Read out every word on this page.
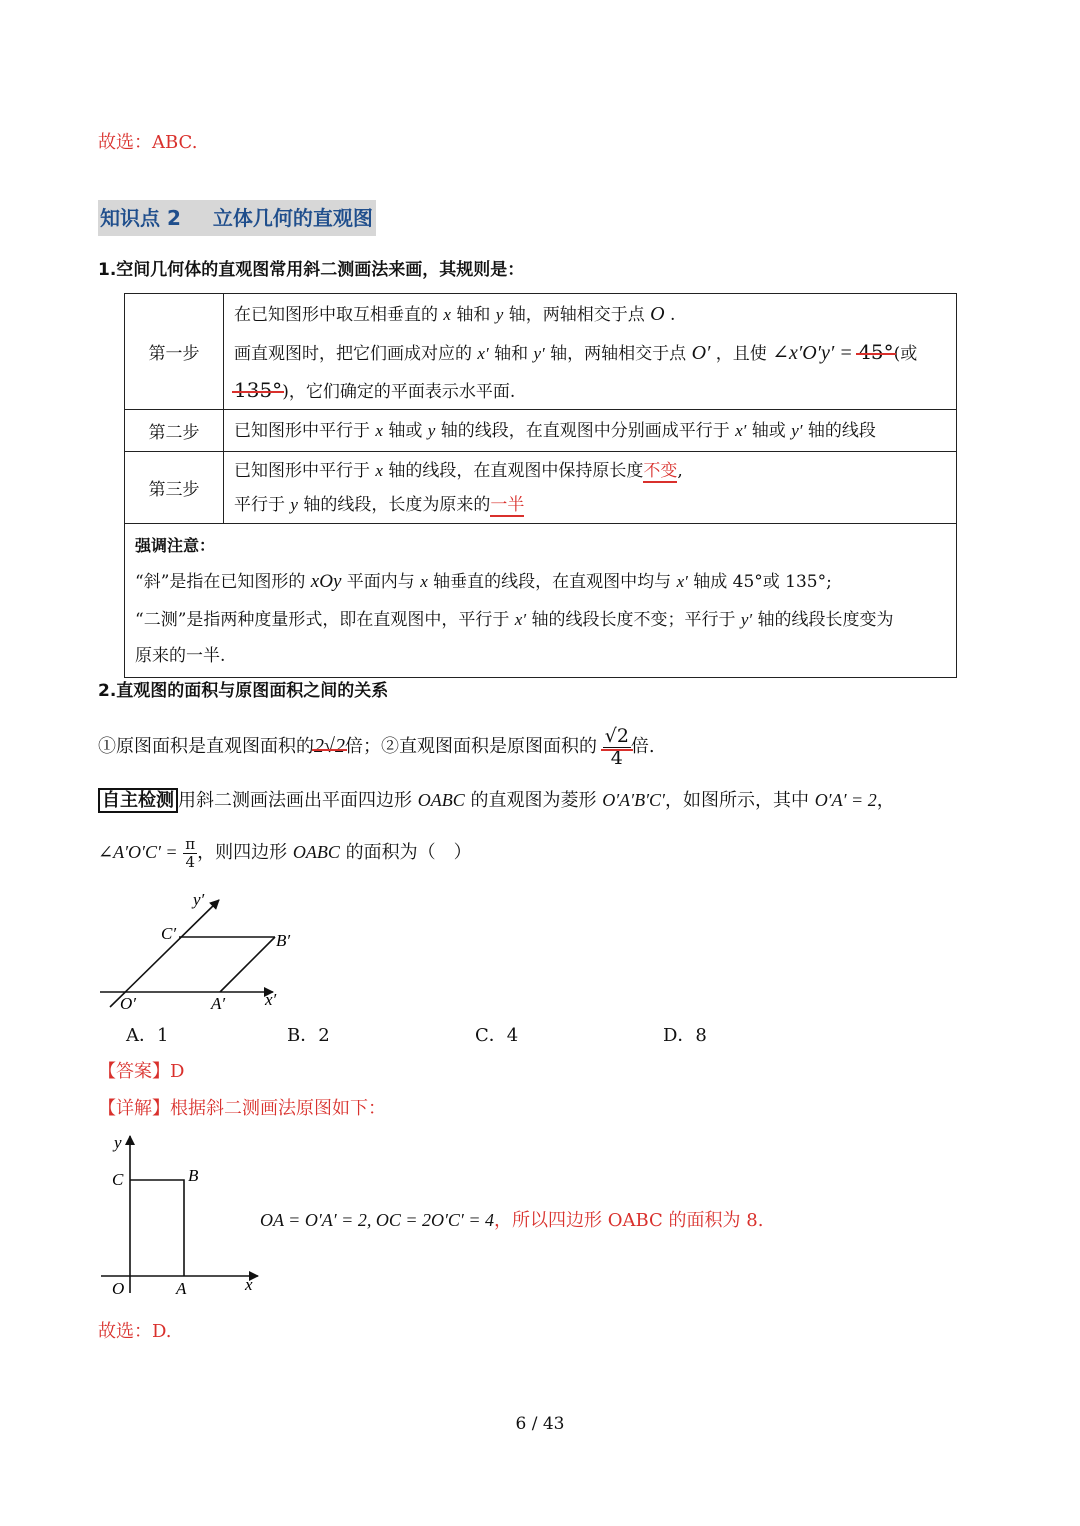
故选：ABC.
知识点 2 立体几何的直观图
1.空间几何体的直观图常用斜二测画法来画，其规则是：
第一步	在已知图形中取互相垂直的 x 轴和 y 轴，两轴相交于点 O .
画直观图时，把它们画成对应的 x′ 轴和 y′ 轴，两轴相交于点 O′ ，且使 ∠x′O′y′ = 45°(或
135°)，它们确定的平面表示水平面.

第二步	已知图形中平行于 x 轴或 y 轴的线段，在直观图中分别画成平行于 x′ 轴或 y′ 轴的线段

第三步	已知图形中平行于 x 轴的线段，在直观图中保持原长度不变,
平行于 y 轴的线段，长度为原来的一半

强调注意：
“斜”是指在已知图形的 xOy 平面内与 x 轴垂直的线段，在直观图中均与 x′ 轴成 45°或 135°;
“二测”是指两种度量形式，即在直观图中，平行于 x′ 轴的线段长度不变；平行于 y′ 轴的线段长度变为
原来的一半.	
2.直观图的面积与原图面积之间的关系
①原图面积是直观图面积的2√2倍；②直观图面积是原图面积的 $\frac{√2}{4}$ 倍.
自主检测 用斜二测画法画出平面四边形 OABC 的直观图为菱形 O′A′B′C′，如图所示，其中 O′A′ = 2，
∠A′O′C′ = $\frac{\pi}{4}$ ，则四边形 OABC 的面积为（　）
y′
C′	B′
O′	A′ x′
A．1	B．2	C．4	D．8
【答案】D
【详解】根据斜二测画法原图如下：
y
C	B
O	A	x
OA = O′A′ = 2, OC = 2O′C′ = 4，所以四边形 OABC 的面积为 8.
故选：D.
6 / 43
